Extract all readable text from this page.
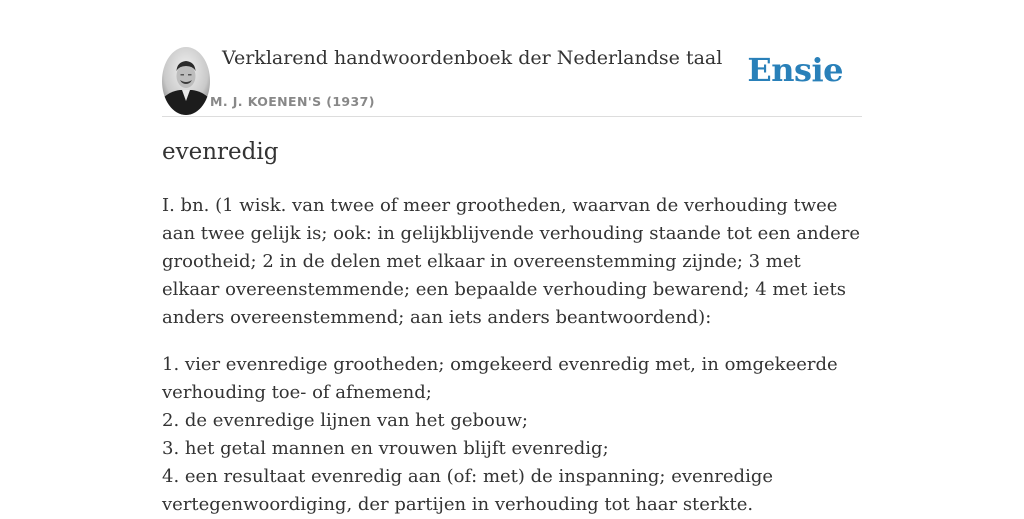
Verklarend handwoordenboek der Nederlandse taal
M. J. KOENEN'S (1937)
Ensie
evenredig

I. bn. (1 wisk. van twee of meer grootheden, waarvan de verhouding twee aan twee gelijk is; ook: in gelijkblijvende verhouding staande tot een andere grootheid; 2 in de delen met elkaar in overeenstemming zijnde; 3 met elkaar overeenstemmende; een bepaalde verhouding bewarend; 4 met iets anders overeenstemmend; aan iets anders beantwoordend):

1. vier evenredige grootheden; omgekeerd evenredig met, in omgekeerde verhouding toe- of afnemend;
2. de evenredige lijnen van het gebouw;
3. het getal mannen en vrouwen blijft evenredig;
4. een resultaat evenredig aan (of: met) de inspanning; evenredige vertegenwoordiging, der partijen in verhouding tot haar sterkte.
